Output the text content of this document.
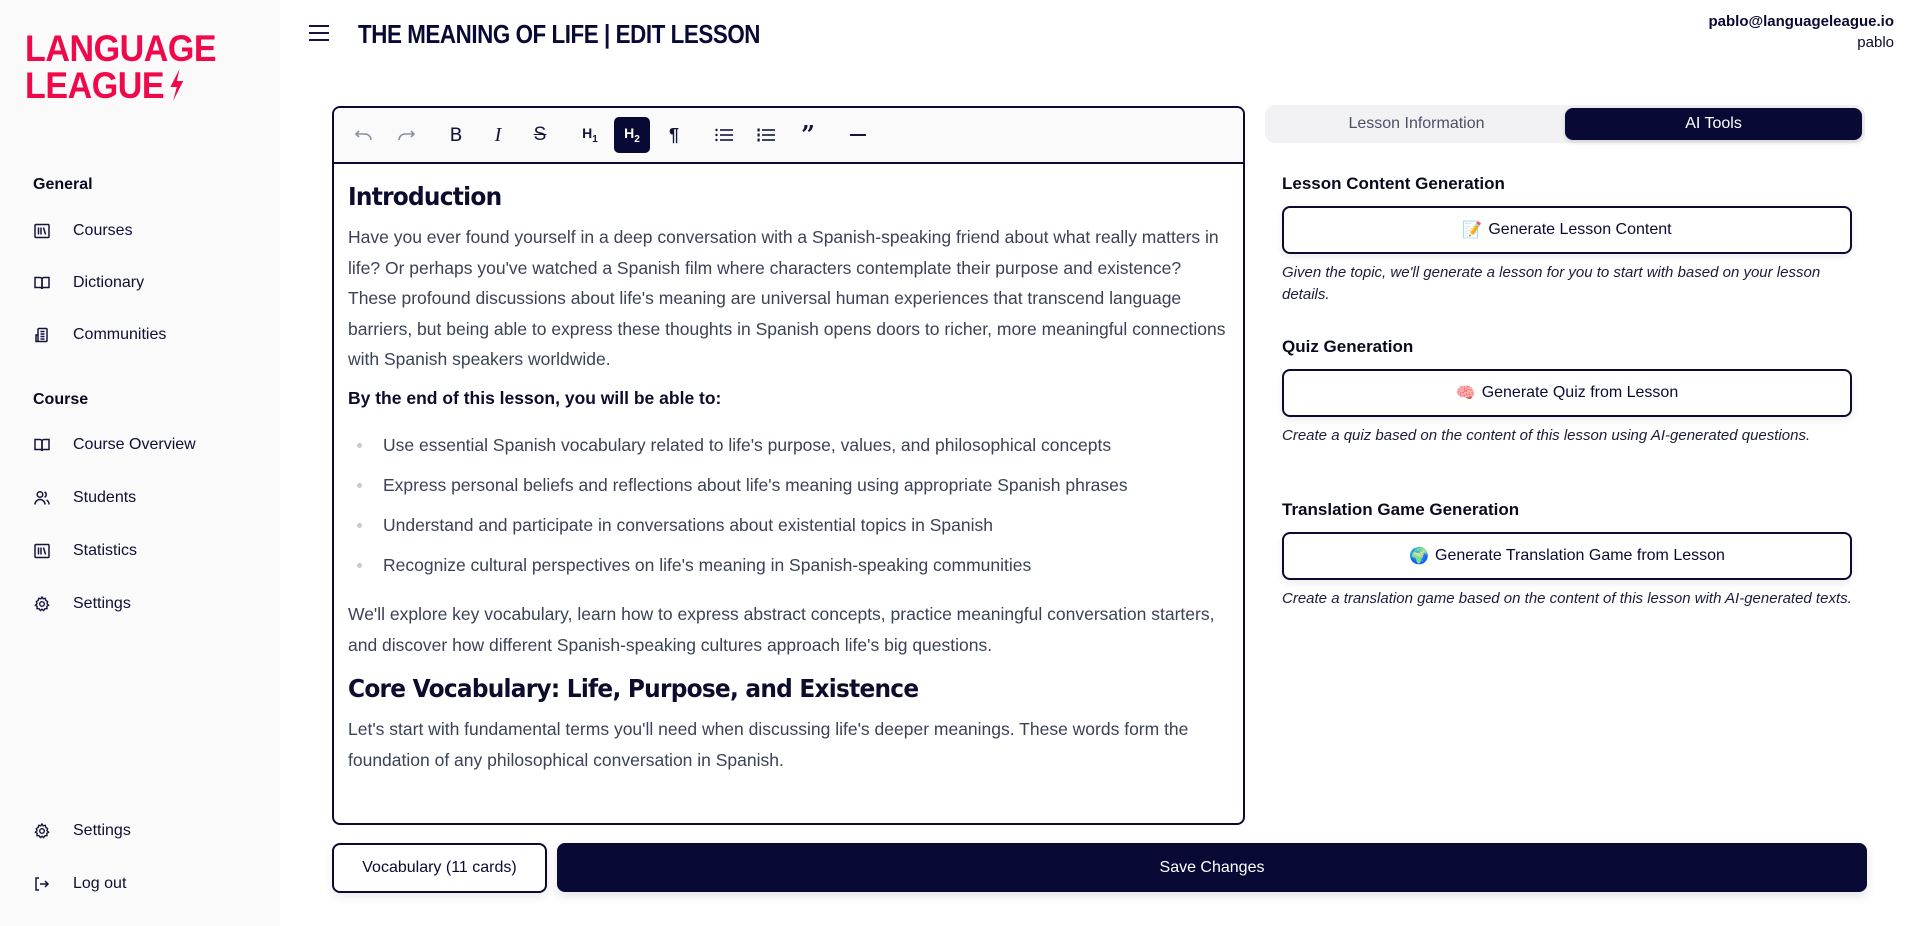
LANGUAGE
LEAGUE
General
Courses
Dictionary
Communities
Course
Course Overview
Students
Statistics
Settings
Settings
Log out
THE MEANING OF LIFE | EDIT LESSON	pablo@languageleague.io
pablo
B I S	$H_1$ $H_2$ ¶	”
Introduction

Have you ever found yourself in a deep conversation with a Spanish-speaking friend about what really matters in life? Or perhaps you've watched a Spanish film where characters contemplate their purpose and existence? These profound discussions about life's meaning are universal human experiences that transcend language barriers, but being able to express these thoughts in Spanish opens doors to richer, more meaningful connections with Spanish speakers worldwide.

By the end of this lesson, you will be able to:

Use essential Spanish vocabulary related to life's purpose, values, and philosophical concepts
Express personal beliefs and reflections about life's meaning using appropriate Spanish phrases
Understand and participate in conversations about existential topics in Spanish
Recognize cultural perspectives on life's meaning in Spanish-speaking communities

We'll explore key vocabulary, learn how to express abstract concepts, practice meaningful conversation starters, and discover how different Spanish-speaking cultures approach life's big questions.

Core Vocabulary: Life, Purpose, and Existence

Let's start with fundamental terms you'll need when discussing life's deeper meanings. These words form the foundation of any philosophical conversation in Spanish.

Lesson Information	AI Tools
Lesson Content Generation
📝 Generate Lesson Content
Given the topic, we'll generate a lesson for you to start with based on your lesson details.
Quiz Generation
🧠 Generate Quiz from Lesson
Create a quiz based on the content of this lesson using AI-generated questions.
Translation Game Generation
🌍 Generate Translation Game from Lesson
Create a translation game based on the content of this lesson with AI-generated texts.
Vocabulary (11 cards)	Save Changes
